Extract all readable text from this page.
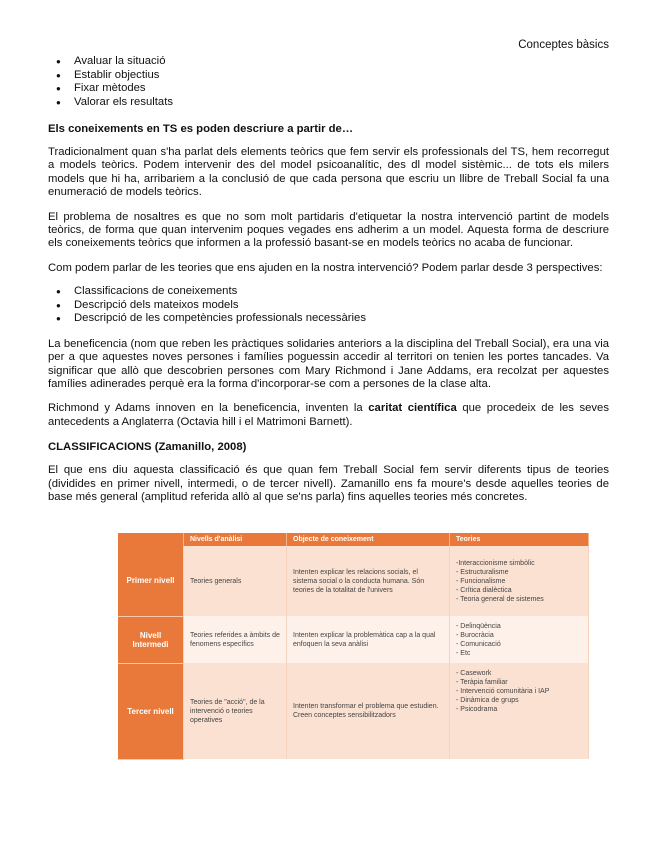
Conceptes bàsics
● Avaluar la situació
● Establir objectius
● Fixar mètodes
● Valorar els resultats
Els coneixements en TS es poden descriure a partir de…

Tradicionalment quan s'ha parlat dels elements teòrics que fem servir els professionals del TS, hem recorregut a models teòrics. Podem intervenir des del model psicoanalític, des dl model sistèmic... de tots els milers models que hi ha, arribariem a la conclusió de que cada persona que escriu un llibre de Treball Social fa una enumeració de models teòrics.

El problema de nosaltres es que no som molt partidaris d'etiquetar la nostra intervenció partint de models teòrics, de forma que quan intervenim poques vegades ens adherim a un model. Aquesta forma de descriure els coneixements teòrics que informen a la professió basant-se en models teòrics no acaba de funcionar.

Com podem parlar de les teories que ens ajuden en la nostra intervenció? Podem parlar desde 3 perspectives:

● Classificacions de coneixements
● Descripció dels mateixos models
● Descripció de les competències professionals necessàries

La beneficencia (nom que reben les pràctiques solidaries anteriors a la disciplina del Treball Social), era una via per a que aquestes noves persones i famílies poguessin accedir al territori on tenien les portes tancades. Va significar que allò que descobrien persones com Mary Richmond i Jane Addams, era recolzat per aquestes famílies adinerades perquè era la forma d'incorporar-se com a persones de la clase alta.

Richmond y Adams innoven en la beneficencia, inventen la caritat científica que procedeix de les seves antecedents a Anglaterra (Octavia hill i el Matrimoni Barnett).

CLASSIFICACIONS (Zamanillo, 2008)

El que ens diu aquesta classificació és que quan fem Treball Social fem servir diferents tipus de teories (dividides en primer nivell, intermedi, o de tercer nivell). Zamanillo ens fa moure's desde aquelles teories de base més general (amplitud referida allò al que se'ns parla) fins aquelles teories més concretes.

	Nivells d'anàlisi	Objecte de coneixement	Teories
Primer nivell	Teories generals	Intenten explicar les relacions socials, el sistema social o la conducta humana. Són teories de la totalitat de l'univers	-Interaccionisme simbòlic
- Estructuralisme
- Funcionalisme
- Crítica dialèctica
- Teoria general de sistemes

Nivell Intermedi	Teories referides a àmbits de fenomens específics	Intenten explicar la problemàtica cap a la qual enfoquen la seva anàlisi	- Delinqüència
- Burocràcia
- Comunicació
- Etc

Tercer nivell	Teories de "acció", de la intervenció o teories operatives	Intenten transformar el problema que estudien. Creen conceptes sensibilitzadors	- Casework
- Teràpia familiar
- Intervenció comunitària i IAP
- Dinàmica de grups
- Psicodrama
